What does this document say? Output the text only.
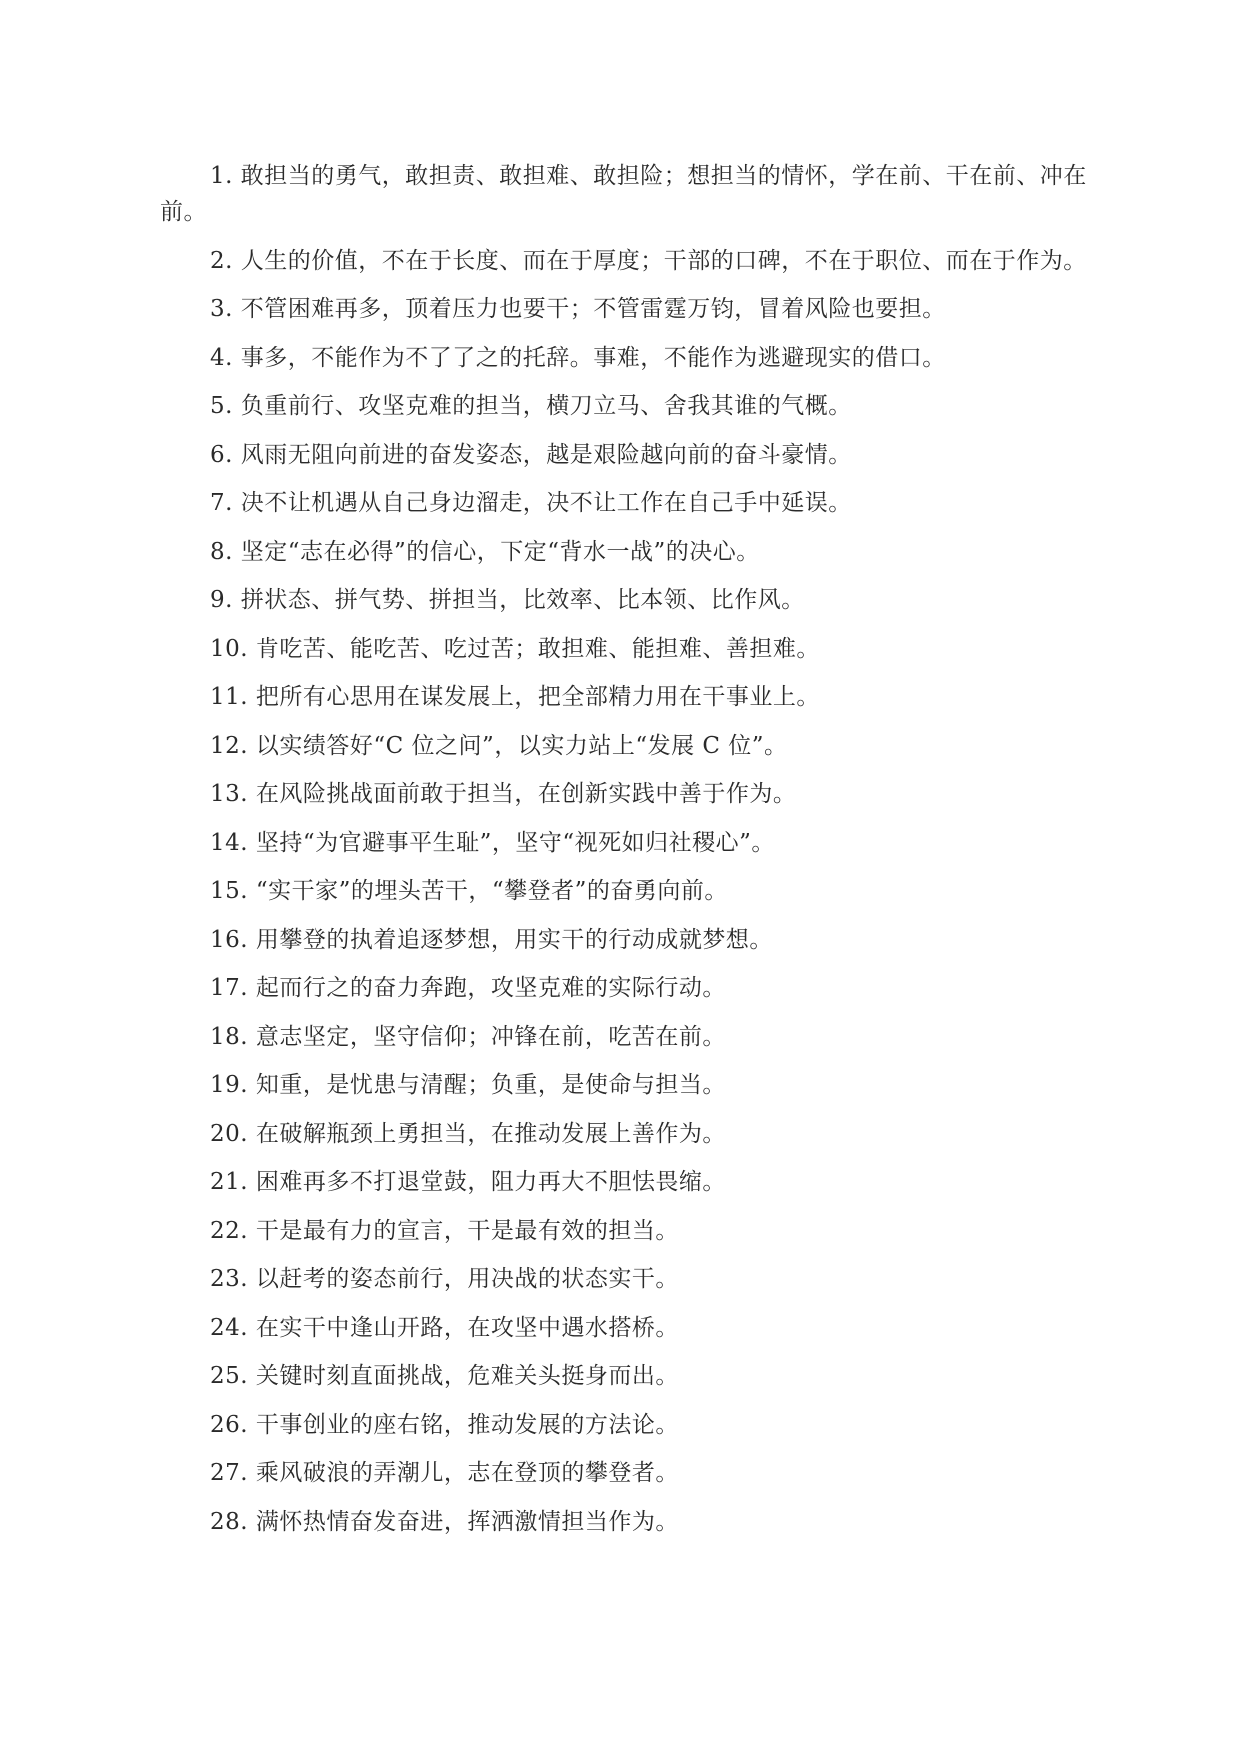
1. 敢担当的勇气，敢担责、敢担难、敢担险；想担当的情怀，学在前、干在前、冲在前。

2. 人生的价值，不在于长度、而在于厚度；干部的口碑，不在于职位、而在于作为。

3. 不管困难再多，顶着压力也要干；不管雷霆万钧，冒着风险也要担。

4. 事多，不能作为不了了之的托辞。事难，不能作为逃避现实的借口。

5. 负重前行、攻坚克难的担当，横刀立马、舍我其谁的气概。

6. 风雨无阻向前进的奋发姿态，越是艰险越向前的奋斗豪情。

7. 决不让机遇从自己身边溜走，决不让工作在自己手中延误。

8. 坚定“志在必得”的信心，下定“背水一战”的决心。

9. 拼状态、拼气势、拼担当，比效率、比本领、比作风。

10. 肯吃苦、能吃苦、吃过苦；敢担难、能担难、善担难。

11. 把所有心思用在谋发展上，把全部精力用在干事业上。

12. 以实绩答好“C 位之问”，以实力站上“发展 C 位”。

13. 在风险挑战面前敢于担当，在创新实践中善于作为。

14. 坚持“为官避事平生耻”，坚守“视死如归社稷心”。

15. “实干家”的埋头苦干，“攀登者”的奋勇向前。

16. 用攀登的执着追逐梦想，用实干的行动成就梦想。

17. 起而行之的奋力奔跑，攻坚克难的实际行动。

18. 意志坚定，坚守信仰；冲锋在前，吃苦在前。

19. 知重，是忧患与清醒；负重，是使命与担当。

20. 在破解瓶颈上勇担当，在推动发展上善作为。

21. 困难再多不打退堂鼓，阻力再大不胆怯畏缩。

22. 干是最有力的宣言，干是最有效的担当。

23. 以赶考的姿态前行，用决战的状态实干。

24. 在实干中逢山开路，在攻坚中遇水搭桥。

25. 关键时刻直面挑战，危难关头挺身而出。

26. 干事创业的座右铭，推动发展的方法论。

27. 乘风破浪的弄潮儿，志在登顶的攀登者。

28. 满怀热情奋发奋进，挥洒激情担当作为。
